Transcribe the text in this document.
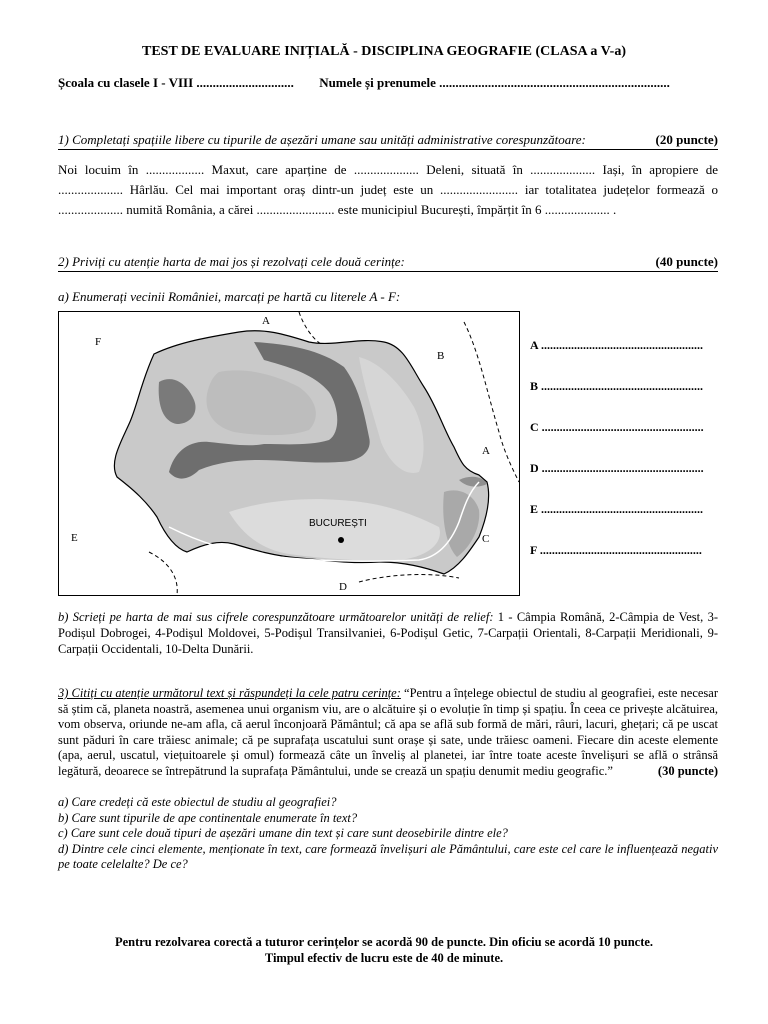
TEST DE EVALUARE INIȚIALĂ - DISCIPLINA GEOGRAFIE (CLASA a V-a)
Școala cu clasele I - VIII .............................. Numele și prenumele .......................................................................
1) Completați spațiile libere cu tipurile de așezări umane sau unități administrative corespunzătoare:	(20 puncte)
Noi locuim în .................. Maxut, care aparține de .................... Deleni, situată în .................... Iași, în apropiere de .................... Hârlău. Cel mai important oraș dintr-un județ este un ........................ iar totalitatea județelor formează o .................... numită România, a cărei ........................ este municipiul București, împărțit în 6 .................... .
2) Priviți cu atenție harta de mai jos și rezolvați cele două cerințe:	(40 puncte)
a) Enumerați vecinii României, marcați pe hartă cu literele A - F:
BUCUREȘTI
A
B
A
C
D
E
F	A ......................................................
B ......................................................
C ......................................................
D ......................................................
E ......................................................
F ......................................................
b) Scrieți pe harta de mai sus cifrele corespunzătoare următoarelor unități de relief: 1 - Câmpia Română, 2-Câmpia de Vest, 3-Podișul Dobrogei, 4-Podișul Moldovei, 5-Podișul Transilvaniei, 6-Podișul Getic, 7-Carpații Orientali, 8-Carpații Meridionali, 9-Carpații Occidentali, 10-Delta Dunării.
3) Citiți cu atenție următorul text și răspundeți la cele patru cerințe: “Pentru a înțelege obiectul de studiu al geografiei, este necesar să știm că, planeta noastră, asemenea unui organism viu, are o alcătuire și o evoluție în timp și spațiu. În ceea ce privește alcătuirea, vom observa, oriunde ne-am afla, că aerul înconjoară Pământul; că apa se află sub formă de mări, râuri, lacuri, ghețari; că pe uscat sunt păduri în care trăiesc animale; că pe suprafața uscatului sunt orașe și sate, unde trăiesc oameni. Fiecare din aceste elemente (apa, aerul, uscatul, viețuitoarele și omul) formează câte un înveliș al planetei, iar între toate aceste învelișuri se află o strânsă legătură, deoarece se întrepătrund la suprafața Pământului, unde se crează un spațiu denumit mediu geografic.”	(30 puncte)
a) Care credeți că este obiectul de studiu al geografiei?
b) Care sunt tipurile de ape continentale enumerate în text?
c) Care sunt cele două tipuri de așezări umane din text și care sunt deosebirile dintre ele?
d) Dintre cele cinci elemente, menționate în text, care formează învelișuri ale Pământului, care este cel care le influențează negativ pe toate celelalte? De ce?
Pentru rezolvarea corectă a tuturor cerințelor se acordă 90 de puncte. Din oficiu se acordă 10 puncte.
Timpul efectiv de lucru este de 40 de minute.
